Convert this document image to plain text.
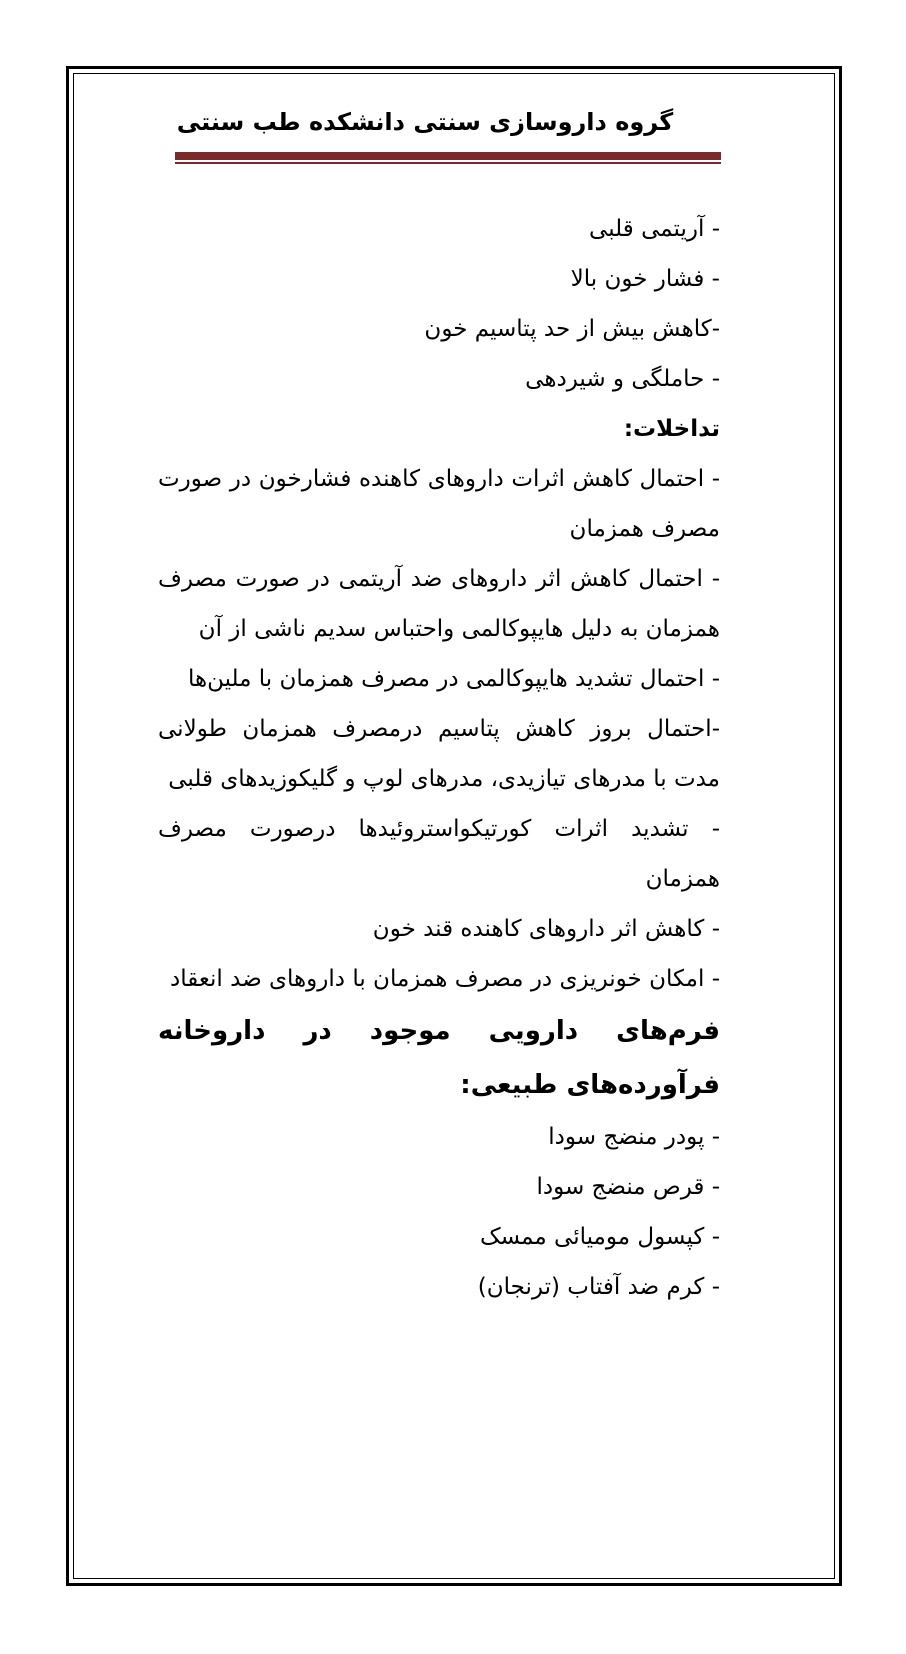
گروه داروسازی سنتی دانشکده طب سنتی

- آریتمی قلبی

- فشار خون بالا

-کاهش بیش از حد پتاسیم خون

- حاملگی و شیردهی

تداخلات:

- احتمال کاهش اثرات داروهای کاهنده فشارخون در صورت مصرف همزمان

- احتمال کاهش اثر داروهای ضد آریتمی در صورت مصرف همزمان به دلیل هایپوکالمی واحتباس سدیم ناشی از آن

- احتمال تشدید هایپوکالمی در مصرف همزمان با ملین‌ها

-احتمال بروز کاهش پتاسیم درمصرف همزمان طولانی مدت با مدرهای تیازیدی، مدرهای لوپ و گلیکوزیدهای قلبی

- تشدید اثرات کورتیکواستروئیدها درصورت مصرف همزمان

- کاهش اثر داروهای کاهنده قند خون

- امکان خونریزی در مصرف همزمان با داروهای ضد انعقاد

فرم‌های دارویی موجود در داروخانه فرآورده‌های طبیعی:

- پودر منضج سودا

- قرص منضج سودا

- کپسول مومیائی ممسک

- کرم ضد آفتاب (ترنجان)
